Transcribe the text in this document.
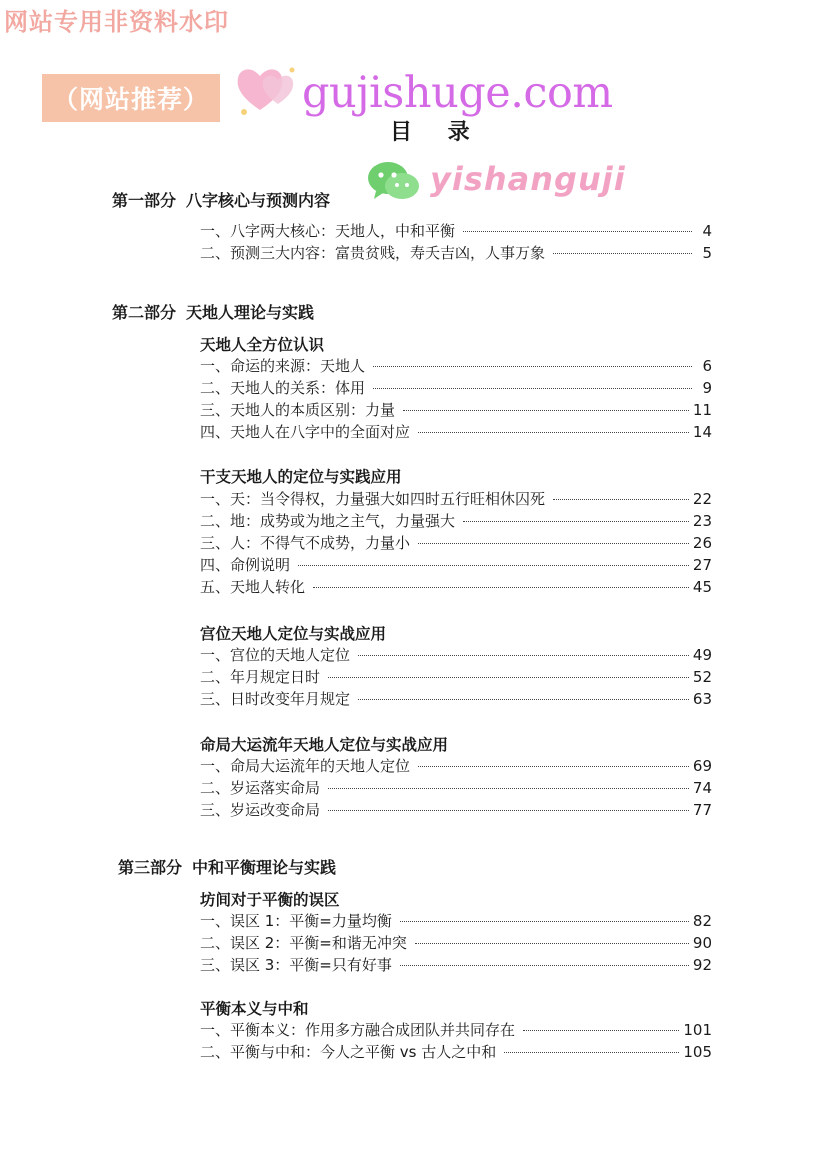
网站专用非资料水印
（网站推荐） gujishuge.com
目 录
yishanguji
第一部分 八字核心与预测内容
一、八字两大核心：天地人，中和平衡	4
二、预测三大内容：富贵贫贱，寿夭吉凶，人事万象	5
第二部分 天地人理论与实践
天地人全方位认识
一、命运的来源：天地人	6
二、天地人的关系：体用	9
三、天地人的本质区别：力量	11
四、天地人在八字中的全面对应	14
干支天地人的定位与实践应用
一、天：当令得权，力量强大如四时五行旺相休囚死	22
二、地：成势或为地之主气，力量强大	23
三、人：不得气不成势，力量小	26
四、命例说明	27
五、天地人转化	45
宫位天地人定位与实战应用
一、宫位的天地人定位	49
二、年月规定日时	52
三、日时改变年月规定	63
命局大运流年天地人定位与实战应用
一、命局大运流年的天地人定位	69
二、岁运落实命局	74
三、岁运改变命局	77
第三部分 中和平衡理论与实践
坊间对于平衡的误区
一、误区 1：平衡=力量均衡	82
二、误区 2：平衡=和谐无冲突	90
三、误区 3：平衡=只有好事	92
平衡本义与中和
一、平衡本义：作用多方融合成团队并共同存在	101
二、平衡与中和：今人之平衡 vs 古人之中和	105
